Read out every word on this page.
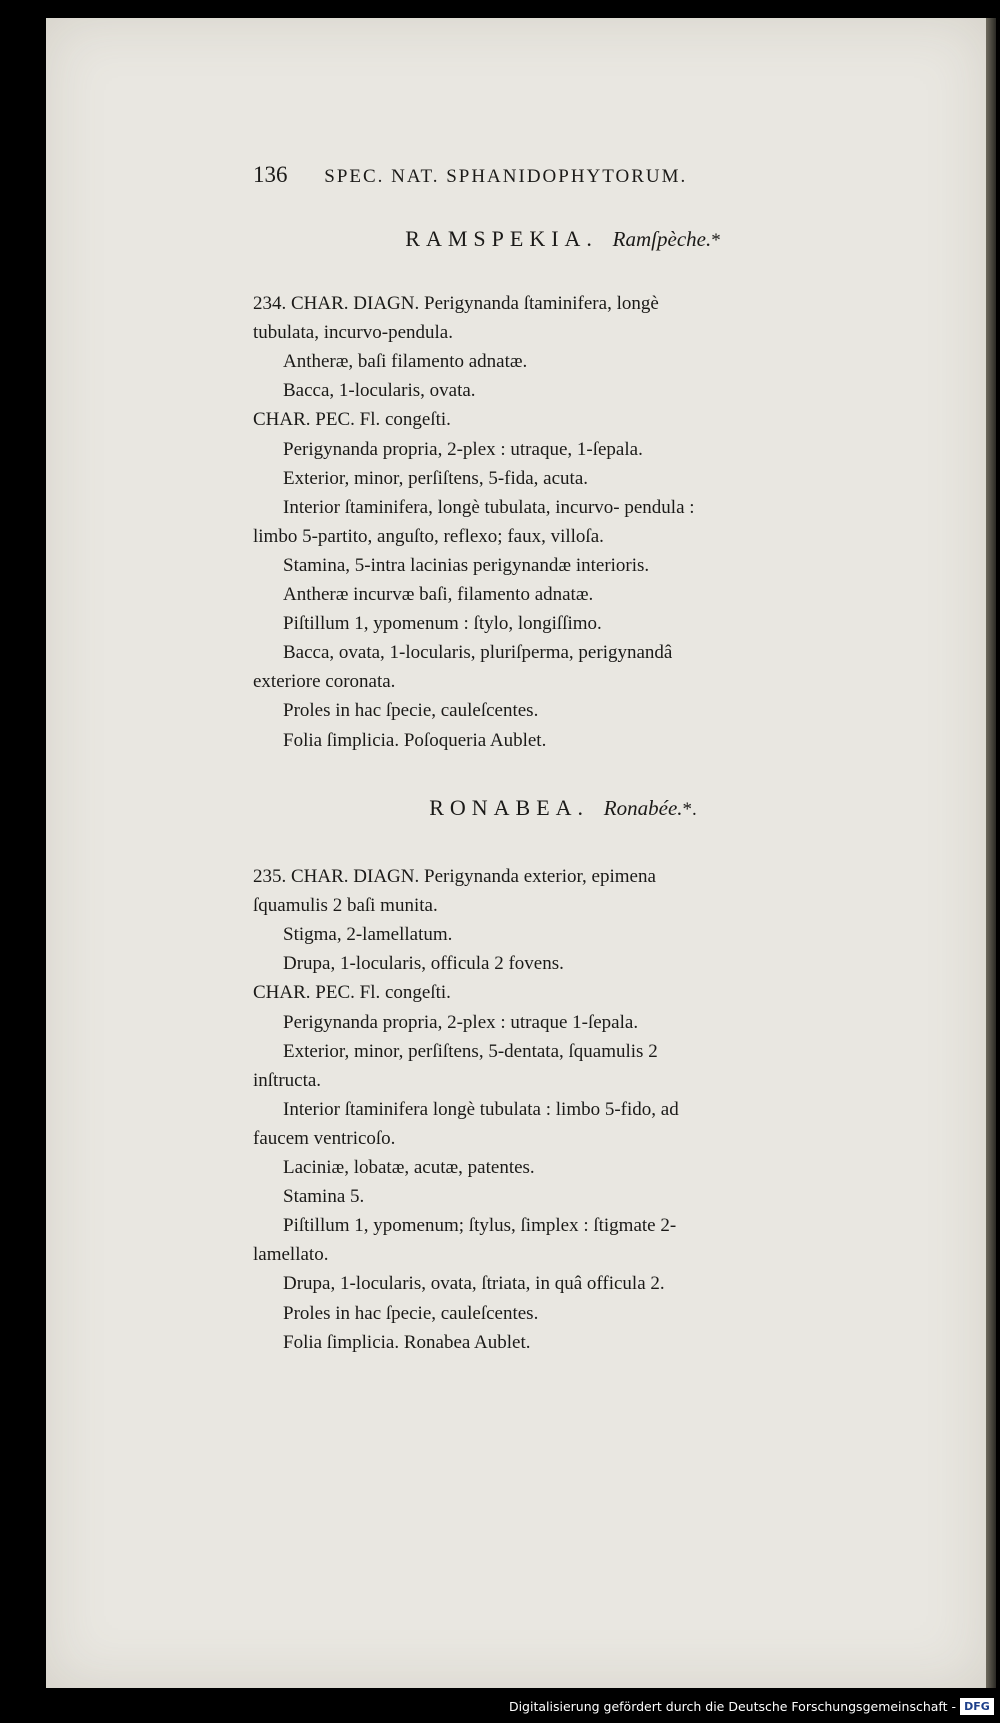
136 SPEC. NAT. SPHANIDOPHYTORUM.
RAMSPEKIA. Ramſpèche.*
234. CHAR. DIAGN. Perigynanda ſtaminifera, longè
tubulata, incurvo-pendula.
Antheræ, baſi filamento adnatæ.
Bacca, 1-locularis, ovata.
CHAR. PEC. Fl. congeſti.
Perigynanda propria, 2-plex : utraque, 1-ſepala.
Exterior, minor, perſiſtens, 5-fida, acuta.
Interior ſtaminifera, longè tubulata, incurvo- pendula :
limbo 5-partito, anguſto, reflexo; faux, villoſa.
Stamina, 5-intra lacinias perigynandæ interioris.
Antheræ incurvæ baſi, filamento adnatæ.
Piſtillum 1, ypomenum : ſtylo, longiſſimo.
Bacca, ovata, 1-locularis, pluriſperma, perigynandâ
exteriore coronata.
Proles in hac ſpecie, cauleſcentes.
Folia ſimplicia. Poſoqueria Aublet.
RONABEA. Ronabée.*.
235. CHAR. DIAGN. Perigynanda exterior, epimena
ſquamulis 2 baſi munita.
Stigma, 2-lamellatum.
Drupa, 1-locularis, officula 2 fovens.
CHAR. PEC. Fl. congeſti.
Perigynanda propria, 2-plex : utraque 1-ſepala.
Exterior, minor, perſiſtens, 5-dentata, ſquamulis 2
inſtructa.
Interior ſtaminifera longè tubulata : limbo 5-fido, ad
faucem ventricoſo.
Laciniæ, lobatæ, acutæ, patentes.
Stamina 5.
Piſtillum 1, ypomenum; ſtylus, ſimplex : ſtigmate 2-
lamellato.
Drupa, 1-locularis, ovata, ſtriata, in quâ officula 2.
Proles in hac ſpecie, cauleſcentes.
Folia ſimplicia. Ronabea Aublet.
Digitalisierung gefördert durch die Deutsche Forschungsgemeinschaft - DFG
